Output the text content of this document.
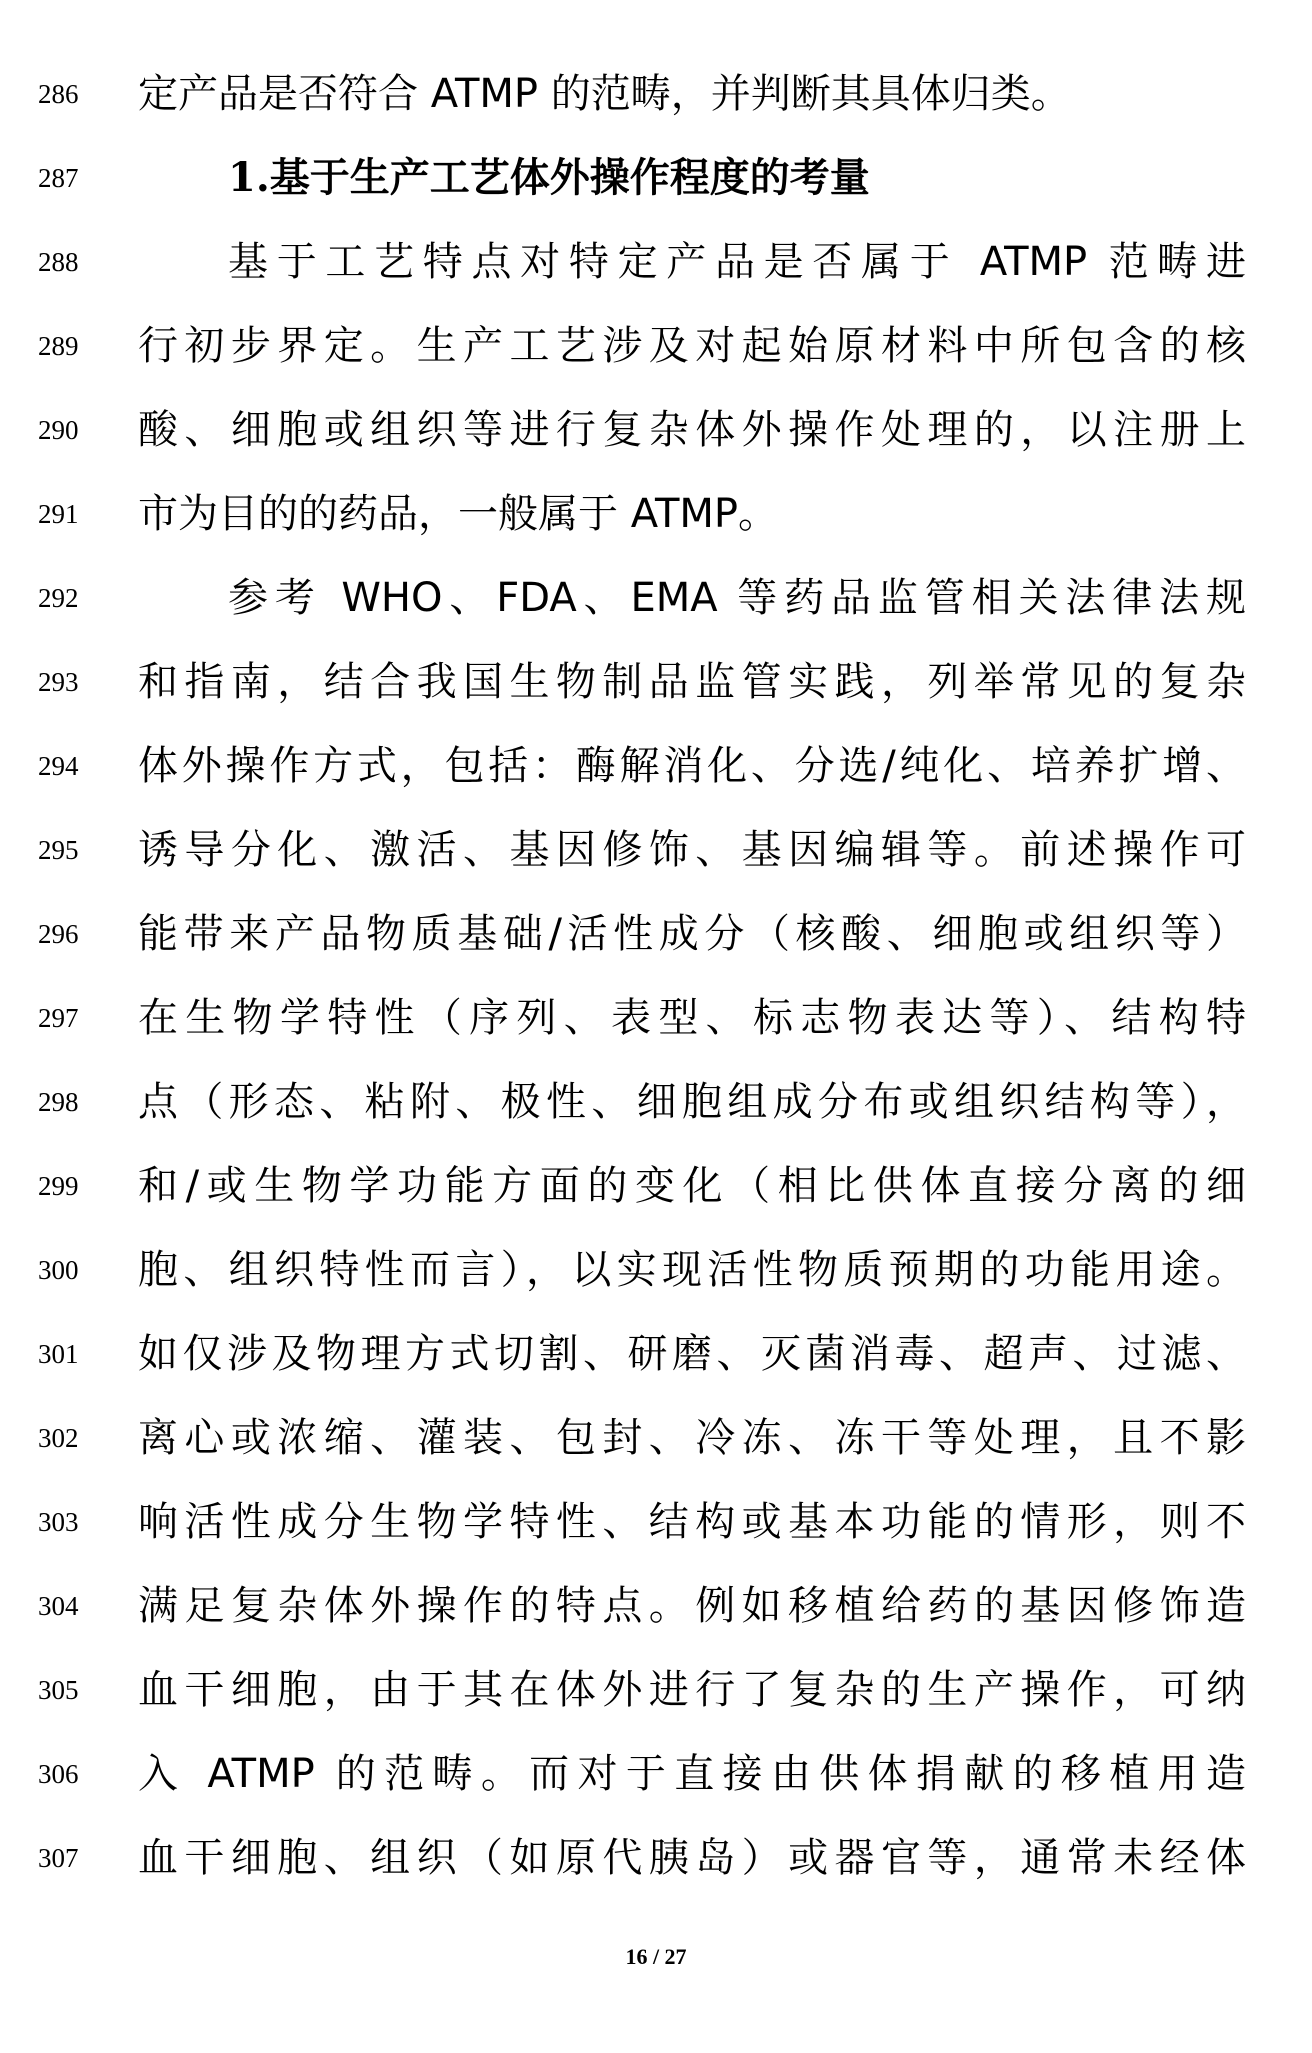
286	定产品是否符合 ATMP 的范畴，并判断其具体归类。
287	1.基于生产工艺体外操作程度的考量
288	基于工艺特点对特定产品是否属于 ATMP 范畴进
289	行初步界定。生产工艺涉及对起始原材料中所包含的核
290	酸、细胞或组织等进行复杂体外操作处理的，以注册上
291	市为目的的药品，一般属于 ATMP。
292	参考 WHO、FDA、EMA 等药品监管相关法律法规
293	和指南，结合我国生物制品监管实践，列举常见的复杂
294	体外操作方式，包括：酶解消化、分选/纯化、培养扩增、
295	诱导分化、激活、基因修饰、基因编辑等。前述操作可
296	能带来产品物质基础/活性成分（核酸、细胞或组织等）
297	在生物学特性（序列、表型、标志物表达等）、结构特
298	点（形态、粘附、极性、细胞组成分布或组织结构等），
299	和/或生物学功能方面的变化（相比供体直接分离的细
300	胞、组织特性而言），以实现活性物质预期的功能用途。
301	如仅涉及物理方式切割、研磨、灭菌消毒、超声、过滤、
302	离心或浓缩、灌装、包封、冷冻、冻干等处理，且不影
303	响活性成分生物学特性、结构或基本功能的情形，则不
304	满足复杂体外操作的特点。例如移植给药的基因修饰造
305	血干细胞，由于其在体外进行了复杂的生产操作，可纳
306	入 ATMP 的范畴。而对于直接由供体捐献的移植用造
307	血干细胞、组织（如原代胰岛）或器官等，通常未经体
16 / 27
